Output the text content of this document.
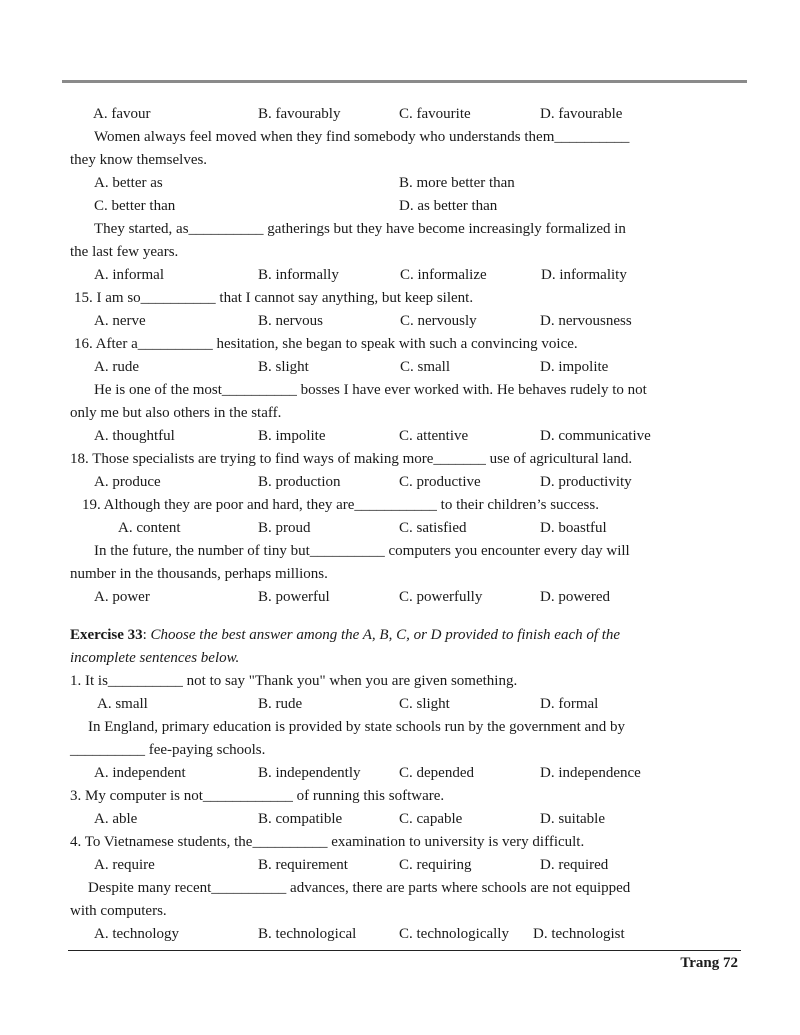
A. favour	B. favourably	C. favourite	D. favourable
Women always feel moved when they find somebody who understands them__________
they know themselves.
A. better as	B. more better than
C. better than	D. as better than
They started, as__________ gatherings but they have become increasingly formalized in
the last few years.
A. informal	B. informally	C. informalize	D. informality
15. I am so__________ that I cannot say anything, but keep silent.
A. nerve	B. nervous	C. nervously	D. nervousness
16. After a__________ hesitation, she began to speak with such a convincing voice.
A. rude	B. slight	C. small	D. impolite
He is one of the most__________ bosses I have ever worked with. He behaves rudely to not
only me but also others in the staff.
A. thoughtful	B. impolite	C. attentive	D. communicative
18. Those specialists are trying to find ways of making more_______ use of agricultural land.
A. produce	B. production	C. productive	D. productivity
19. Although they are poor and hard, they are___________ to their children’s success.
A. content	B. proud	C. satisfied	D. boastful
In the future, the number of tiny but__________ computers you encounter every day will
number in the thousands, perhaps millions.
A. power	B. powerful	C. powerfully	D. powered
Exercise 33: Choose the best answer among the A, B, C, or D provided to finish each of the
incomplete sentences below.
1. It is__________ not to say "Thank you" when you are given something.
A. small	B. rude	C. slight	D. formal
In England, primary education is provided by state schools run by the government and by
__________ fee-paying schools.
A. independent	B. independently	C. depended	D. independence
3. My computer is not____________ of running this software.
A. able	B. compatible	C. capable	D. suitable
4. To Vietnamese students, the__________ examination to university is very difficult.
A. require	B. requirement	C. requiring	D. required
Despite many recent__________ advances, there are parts where schools are not equipped
with computers.
A. technology	B. technological	C. technologically D. technologist
Trang 72
